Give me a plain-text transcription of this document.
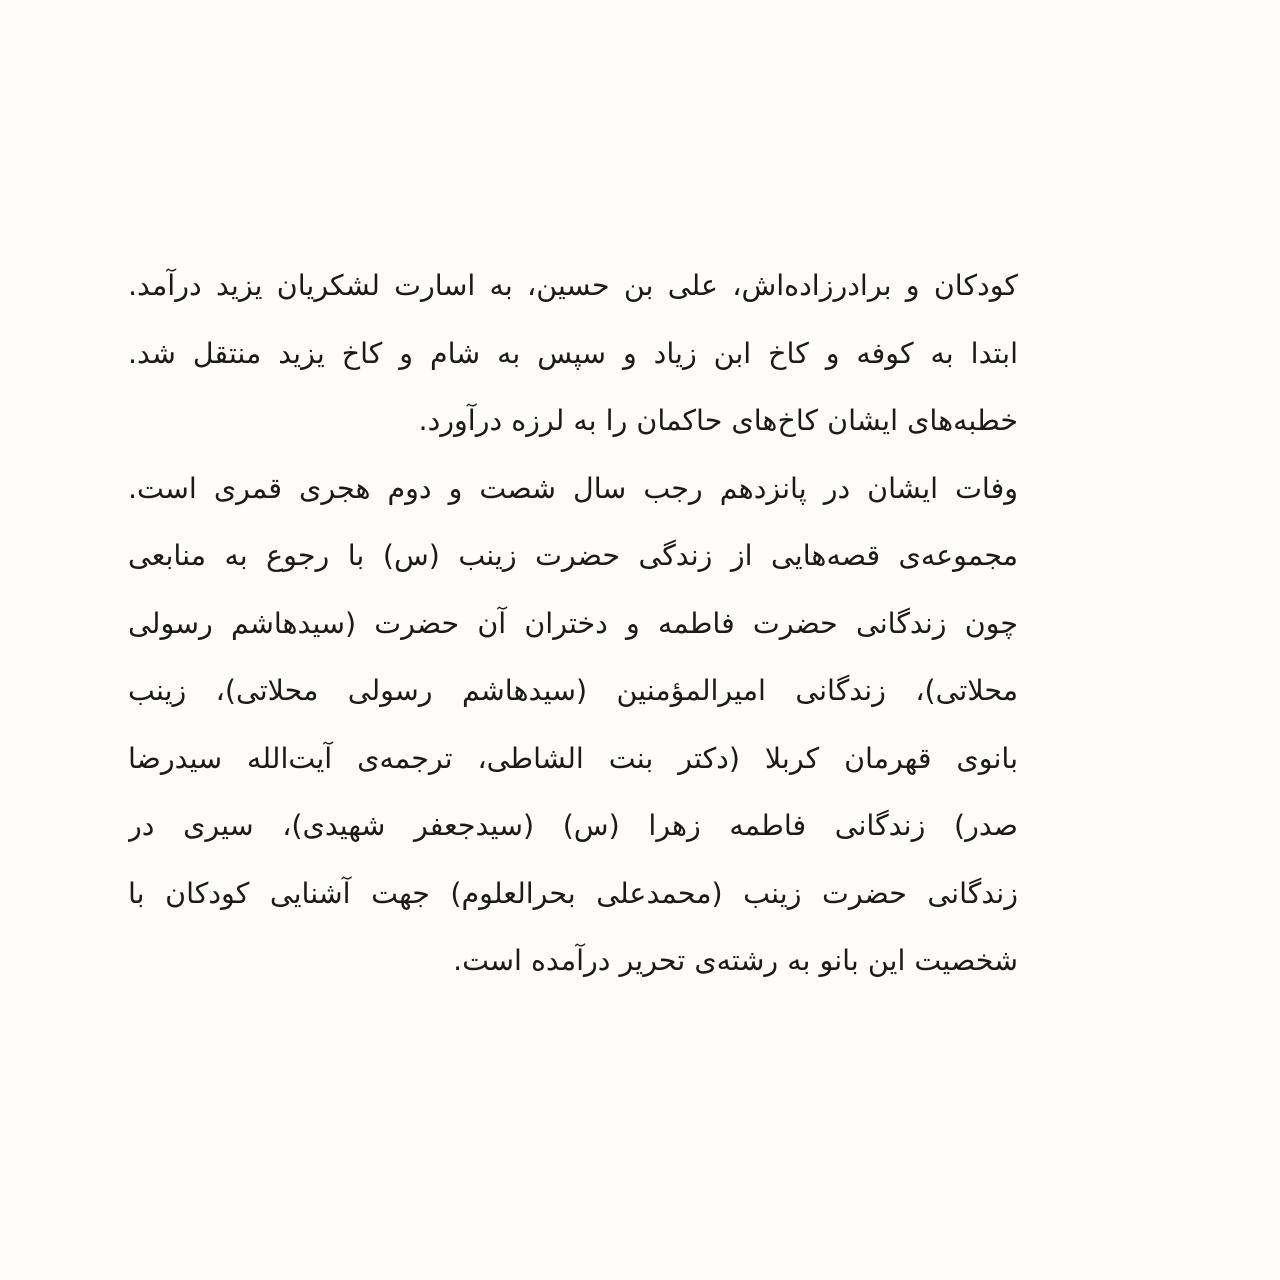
کودکان و برادرزاده‌اش، علی بن حسین، به اسارت لشکریان یزید درآمد.
ابتدا به کوفه و کاخ ابن زیاد و سپس به شام و کاخ یزید منتقل شد.
خطبه‌های ایشان کاخ‌های حاکمان را به لرزه درآورد.
وفات ایشان در پانزدهم رجب سال شصت و دوم هجری قمری است.
مجموعه‌ی قصه‌هایی از زندگی حضرت زینب (س) با رجوع به منابعی
چون زندگانی حضرت فاطمه و دختران آن حضرت (سیدهاشم رسولی
محلاتی)، زندگانی امیرالمؤمنین (سیدهاشم رسولی محلاتی)، زینب
بانوی قهرمان کربلا (دکتر بنت الشاطی، ترجمه‌ی آیت‌الله سیدرضا
صدر) زندگانی فاطمه زهرا (س) (سیدجعفر شهیدی)، سیری در
زندگانی حضرت زینب (محمدعلی بحرالعلوم) جهت آشنایی کودکان با
شخصیت این بانو به رشته‌ی تحریر درآمده است.
